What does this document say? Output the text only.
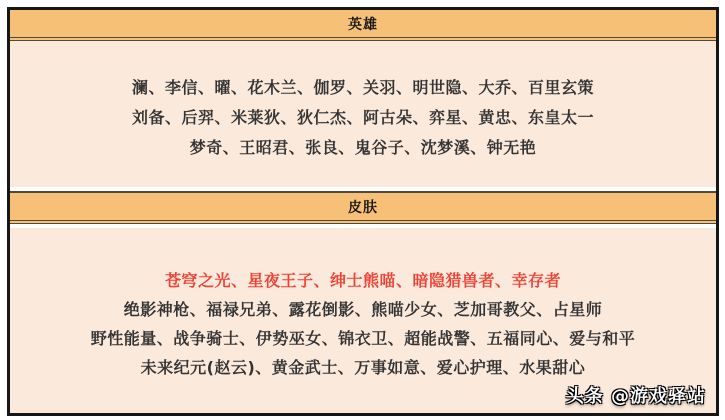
英雄

澜、李信、曜、花木兰、伽罗、关羽、明世隐、大乔、百里玄策

刘备、后羿、米莱狄、狄仁杰、阿古朵、弈星、黄忠、东皇太一

梦奇、王昭君、张良、鬼谷子、沈梦溪、钟无艳

皮肤

苍穹之光、星夜王子、绅士熊喵、暗隐猎兽者、幸存者

绝影神枪、福禄兄弟、露花倒影、熊喵少女、芝加哥教父、占星师

野性能量、战争骑士、伊势巫女、锦衣卫、超能战警、五福同心、爱与和平

未来纪元(赵云)、黄金武士、万事如意、爱心护理、水果甜心

头条 @游戏驿站
